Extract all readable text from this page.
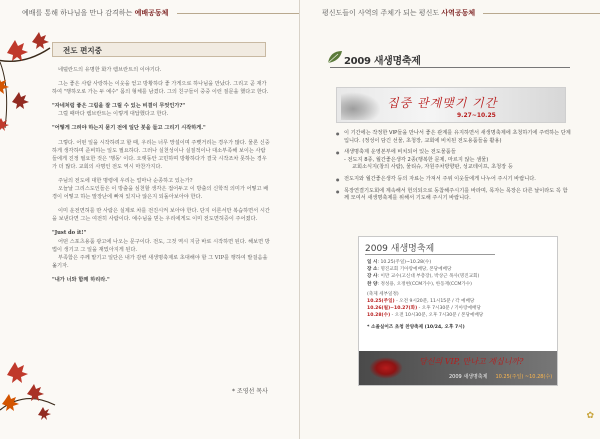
예배를 통해 하나님을 만나 감격하는 예배공동체
전도 편지중

네덜란드의 유명한 화가 렘브란트의 이야기다.

그는 좋은 사람 사랑하는 이웃을 얻고 방황하다 좋 가게으로 하나님을 만났다. 그리고 곧 재가하여 "행하오로 가는 두 예수" 몸의 형체를 남겼다. 그의 친구들이 중중 이런 질문을 했다고 한다.

"자네처럼 좋은 그림을 잘 그릴 수 있는 비결이 무엇인가?"

그럴 때마다 렘브란트는 이렇게 대답했다고 한다.

"어떻게 그려야 하는지 묻기 전에 일단 붓을 들고 그리기 시작하게."

그렇다. 어떤 일을 시작하려고 할 때, 우리는 너무 망설이며 주뼛거리는 경우가 많다. 물론 신중하게 생각하며 준비하는 일도 필요하다. 그러나 실천성이나 실질적이나 대소부족해 보이는 사람들에게 진정 필요한 것은 '행동' 이다. 오랫동안 고민하며 방황하다가 결국 시작조차 못하는 경우가 더 많다. 교회의 사명인 전도 역시 마찬가지다.

주님의 전도에 대한 명령에 우리는 얼마나 순종하고 있는가?

오늘날 그리스도인들은 이 방출을 심천할 생각은 접어두고 이 방출의 신학적 의미가 어떻고 배경이 어떻고 하는 말장난에 빠져 있지나 않은지 되돌아보아야 한다.

이미 운전면허를 딴 사람은 실제로 차를 전진시켜 보아야 한다. 단지 이론서만 복습하면서 시간을 보낸다면 그는 여전히 사람이다. 예수님을 믿는 우리에게도 이미 전도면허증이 주어졌다.

"Just do it!"

어떤 스포츠용품 광고에 나오는 문구이다. 전도, 그것 역시 지금 바로 시작하면 된다. 해보면 방법이 생기고 그 일을 재밌아지게 된다.

부족함은 주께 맡기고 일단은 내가 감변 새생명축제로 초대해야 할 그 VIP를 행하여 발걸음을 옮기자.

"내가 너와 함께 하리라."

* 조영선 목사
평신도들이 사역의 주체가 되는 평신도 사역공동체
2009 새생명축제
집중 관계맺기 기간
9.27~10.25
● 이 기간에는 작정한 VIP들을 만나서 좋은 관계를 유지하면서 새생명축제에 초청하기에 주력하는 단계입니다. (정성이 담긴 선물, 초청장, 교회에 비치된 전도용품들을 활용)
● 새생명축제 운영본부에 비치되어 있는 전도물품들
- 전도지 8종, 월간좋은생각 2종(행복한 문제, 마르지 않는 샘물)
교회소식지(창의 사람), 물티슈, 자원주차방향판, 성교테이프, 초청장 등
● 전도지와 월간좋은생각 등의 자료는 가져서 주위 이웃들에게 나누어 주시기 바랍니다.
● 목장연결기도회에 계속해서 헌의되으로 동참해주시기를 바라며, 목자는 목장은 다른 날이라도 꼭 함께 모여서 새생명축제를 위해서 기도해 주시기 바랍니다.
2009 새생명축제
일 시: 10.25(주일)~10.28(수)
장 소: 명진교회 기아랑예배당, 본당예배당
강 사: 이만 교수(고신대 부총장), 박상근 목사(명진교회)
찬 양: 정성용, 오정현(CCM가수), 한동재(CCM가수)
(축제 세부일정)
10.25(주일) - 오전 9시20분, 11시15분 / 각 예배당
10.26(월)~10.27(화) - 오후 7시30분 / 기아랑예배당
10.28(수) - 오전 10시30분, 오후 7시30분 / 본당예배당
* 소졸실어즈 초청 찬양축제 (10/24, 오후 7시)
당신의 VIP, 만나고 계십니까?
2009 새생명축제 10.25(주일) ~10.28(수)
✿
